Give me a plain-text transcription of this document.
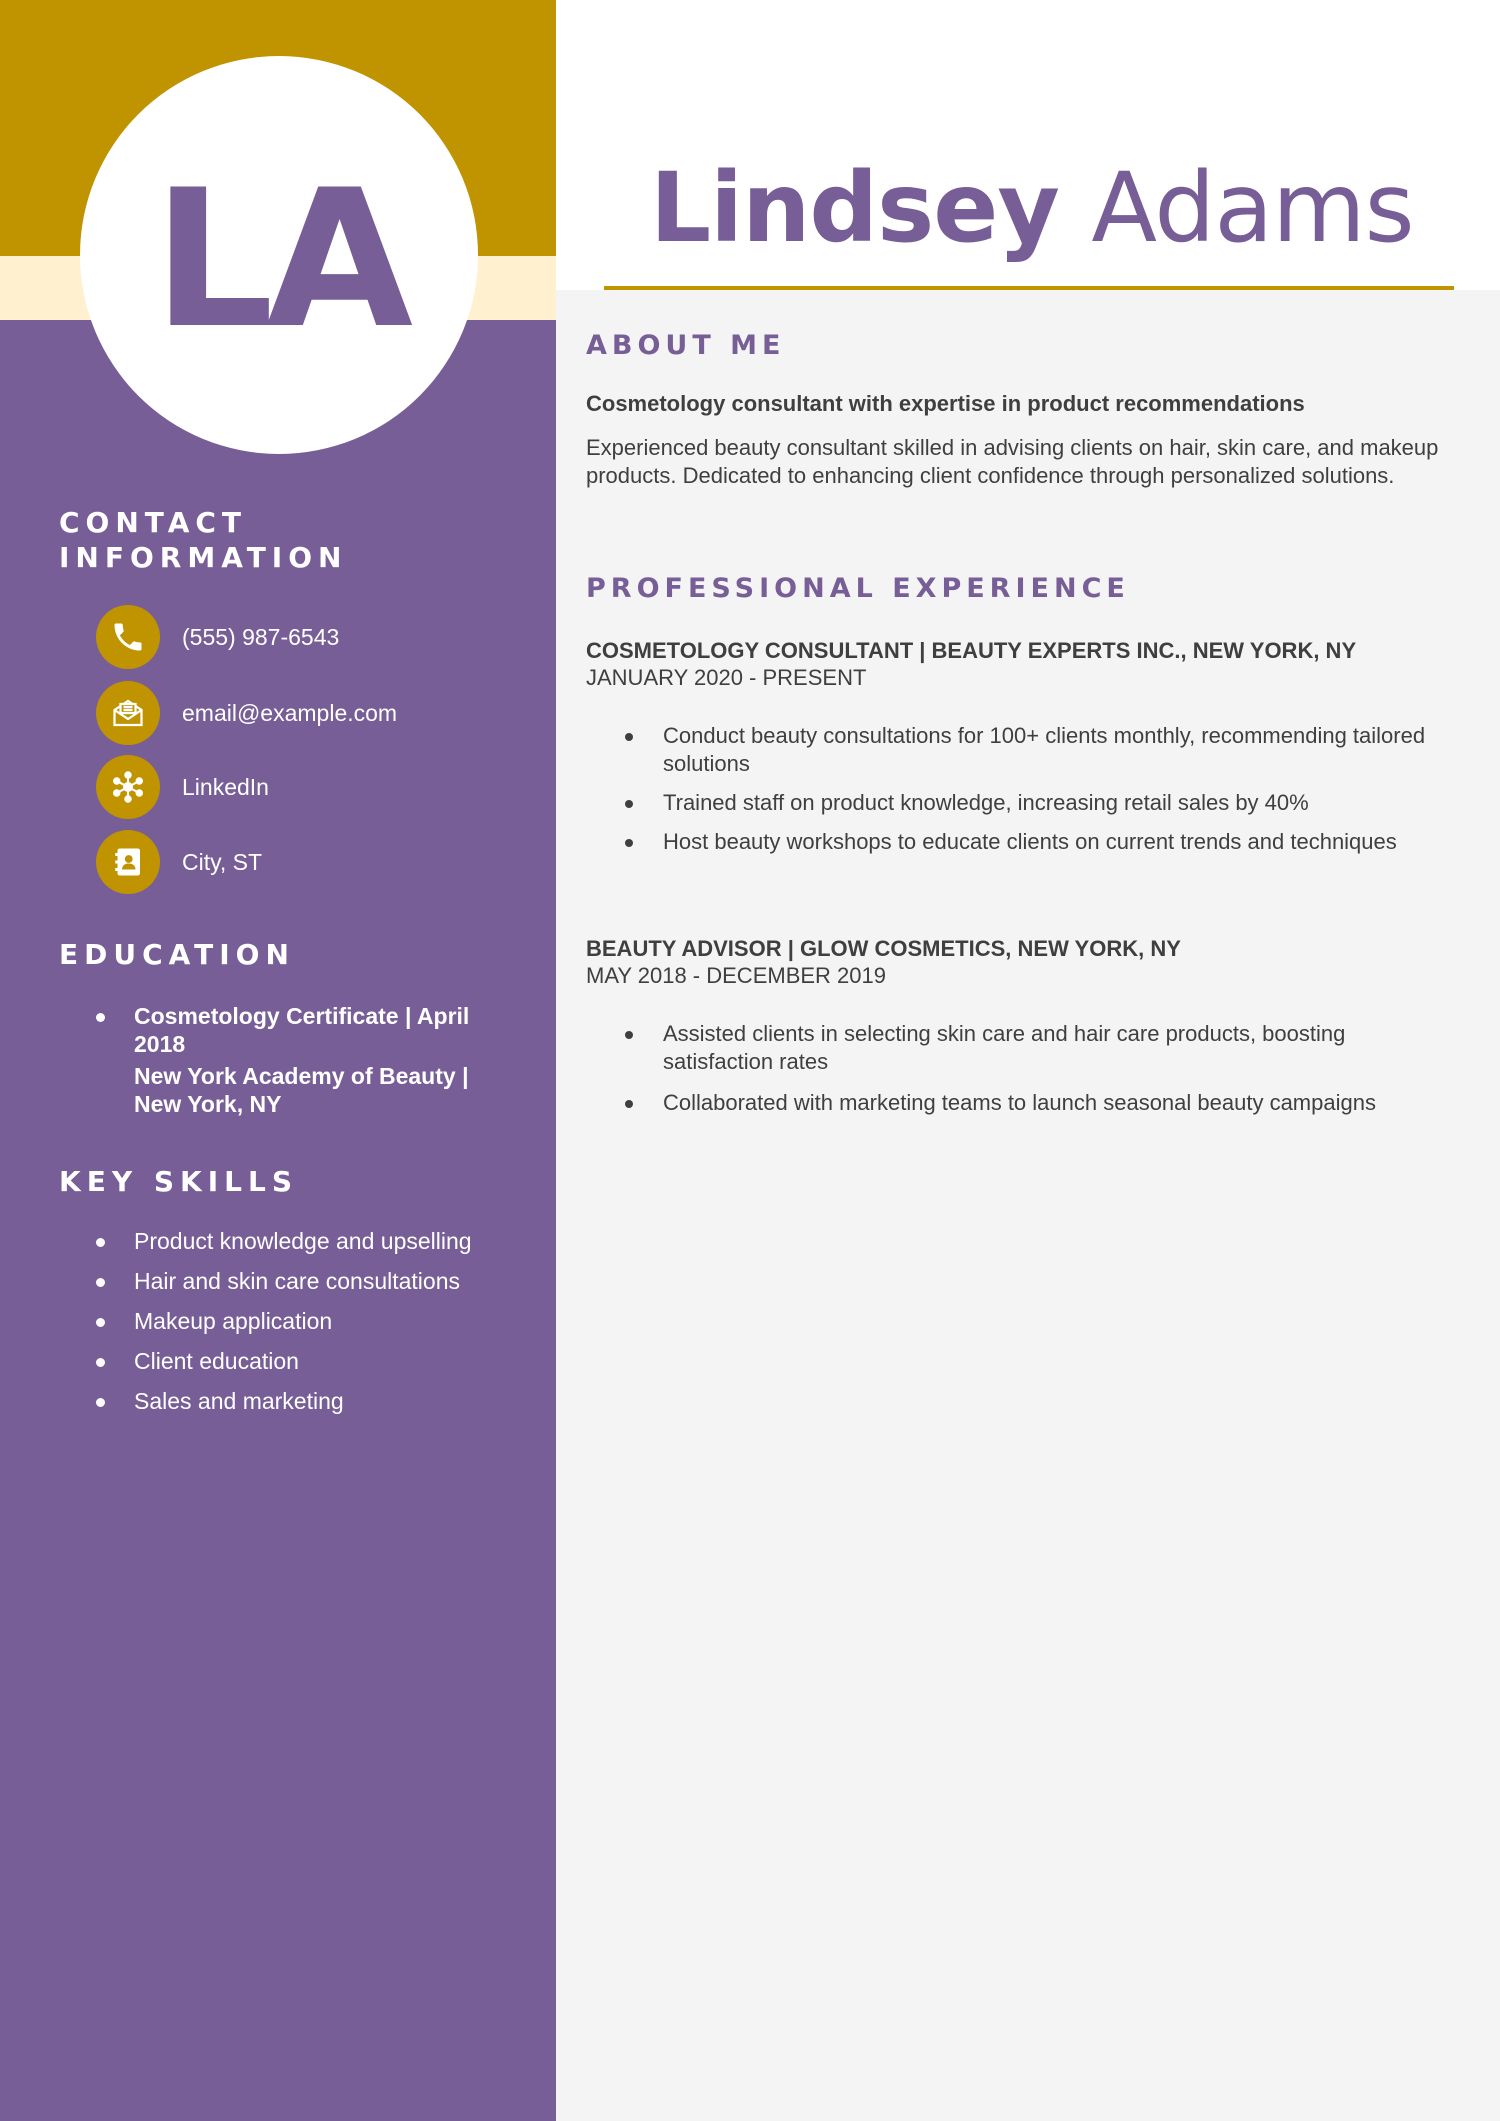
LA
CONTACT INFORMATION
(555) 987-6543
email@example.com
LinkedIn
City, ST
EDUCATION
Cosmetology Certificate | April 2018
New York Academy of Beauty | New York, NY
KEY SKILLS
Product knowledge and upselling
Hair and skin care consultations
Makeup application
Client education
Sales and marketing
Lindsey Adams
ABOUT ME

Cosmetology consultant with expertise in product recommendations

Experienced beauty consultant skilled in advising clients on hair, skin care, and makeup products. Dedicated to enhancing client confidence through personalized solutions.

PROFESSIONAL EXPERIENCE

COSMETOLOGY CONSULTANT | BEAUTY EXPERTS INC., NEW YORK, NY

JANUARY 2020 - PRESENT

Conduct beauty consultations for 100+ clients monthly, recommending tailored solutions
Trained staff on product knowledge, increasing retail sales by 40%
Host beauty workshops to educate clients on current trends and techniques

BEAUTY ADVISOR | GLOW COSMETICS, NEW YORK, NY

MAY 2018 - DECEMBER 2019

Assisted clients in selecting skin care and hair care products, boosting satisfaction rates
Collaborated with marketing teams to launch seasonal beauty campaigns
